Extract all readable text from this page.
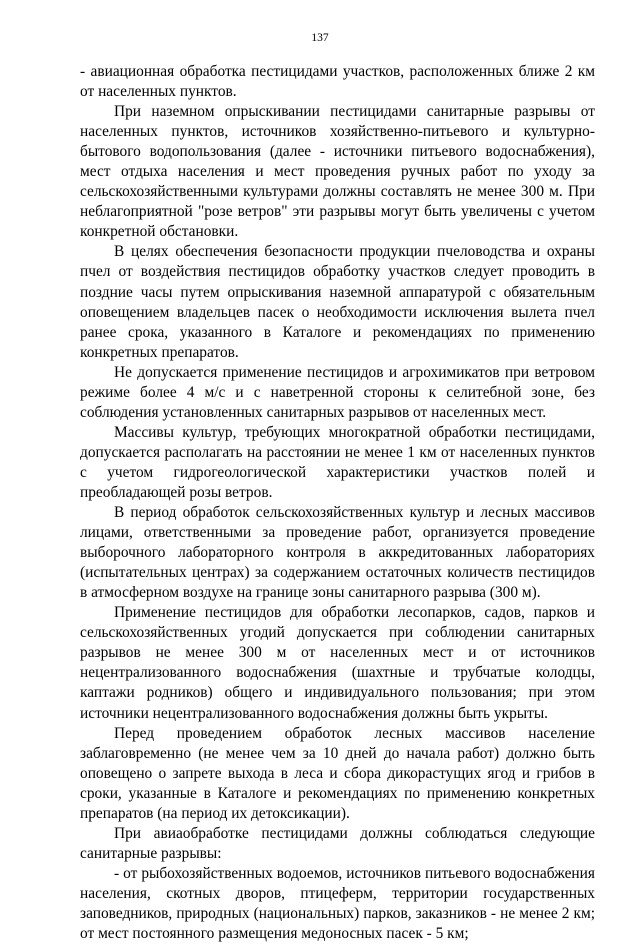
137

- авиационная обработка пестицидами участков, расположенных ближе 2 км от населенных пунктов.

При наземном опрыскивании пестицидами санитарные разрывы от населенных пунктов, источников хозяйственно-питьевого и культурно-бытового водопользования (далее - источники питьевого водоснабжения), мест отдыха населения и мест проведения ручных работ по уходу за сельскохозяйственными культурами должны составлять не менее 300 м. При неблагоприятной "розе ветров" эти разрывы могут быть увеличены с учетом конкретной обстановки.

В целях обеспечения безопасности продукции пчеловодства и охраны пчел от воздействия пестицидов обработку участков следует проводить в поздние часы путем опрыскивания наземной аппаратурой с обязательным оповещением владельцев пасек о необходимости исключения вылета пчел ранее срока, указанного в Каталоге и рекомендациях по применению конкретных препаратов.

Не допускается применение пестицидов и агрохимикатов при ветровом режиме более 4 м/с и с наветренной стороны к селитебной зоне, без соблюдения установленных санитарных разрывов от населенных мест.

Массивы культур, требующих многократной обработки пестицидами, допускается располагать на расстоянии не менее 1 км от населенных пунктов с учетом гидрогеологической характеристики участков полей и преобладающей розы ветров.

В период обработок сельскохозяйственных культур и лесных массивов лицами, ответственными за проведение работ, организуется проведение выборочного лабораторного контроля в аккредитованных лабораториях (испытательных центрах) за содержанием остаточных количеств пестицидов в атмосферном воздухе на границе зоны санитарного разрыва (300 м).

Применение пестицидов для обработки лесопарков, садов, парков и сельскохозяйственных угодий допускается при соблюдении санитарных разрывов не менее 300 м от населенных мест и от источников нецентрализованного водоснабжения (шахтные и трубчатые колодцы, каптажи родников) общего и индивидуального пользования; при этом источники нецентрализованного водоснабжения должны быть укрыты.

Перед проведением обработок лесных массивов население заблаговременно (не менее чем за 10 дней до начала работ) должно быть оповещено о запрете выхода в леса и сбора дикорастущих ягод и грибов в сроки, указанные в Каталоге и рекомендациях по применению конкретных препаратов (на период их детоксикации).

При авиаобработке пестицидами должны соблюдаться следующие санитарные разрывы:

- от рыбохозяйственных водоемов, источников питьевого водоснабжения населения, скотных дворов, птицеферм, территории государственных заповедников, природных (национальных) парков, заказников - не менее 2 км; от мест постоянного размещения медоносных пасек - 5 км;
